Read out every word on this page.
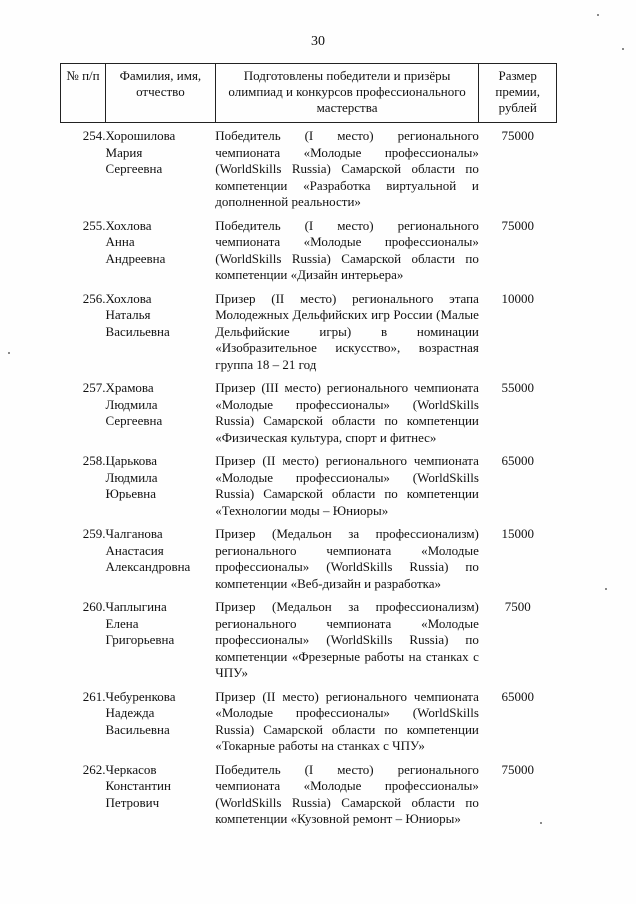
30
№ п/п	Фамилия, имя, отчество	Подготовлены победители и призёры олимпиад и конкурсов профессионального мастерства	Размер премии, рублей
254.	Хорошилова
Мария
Сергеевна	Победитель (I место) регионального чемпионата «Молодые профессионалы» (WorldSkills Russia) Самарской области по компетенции «Разработка виртуальной и дополненной реальности»	75000
255.	Хохлова
Анна
Андреевна	Победитель (I место) регионального чемпионата «Молодые профессионалы» (WorldSkills Russia) Самарской области по компетенции «Дизайн интерьера»	75000
256.	Хохлова
Наталья
Васильевна	Призер (II место) регионального этапа Молодежных Дельфийских игр России (Малые Дельфийские игры) в номинации «Изобразительное искусство», возрастная группа 18 – 21 год	10000
257.	Храмова
Людмила
Сергеевна	Призер (III место) регионального чемпионата «Молодые профессионалы» (WorldSkills Russia) Самарской области по компетенции «Физическая культура, спорт и фитнес»	55000
258.	Царькова
Людмила
Юрьевна	Призер (II место) регионального чемпионата «Молодые профессионалы» (WorldSkills Russia) Самарской области по компетенции «Технологии моды – Юниоры»	65000
259.	Чалганова
Анастасия
Александровна	Призер (Медальон за профессионализм) регионального чемпионата «Молодые профессионалы» (WorldSkills Russia) по компетенции «Веб-дизайн и разработка»	15000
260.	Чаплыгина
Елена
Григорьевна	Призер (Медальон за профессионализм) регионального чемпионата «Молодые профессионалы» (WorldSkills Russia) по компетенции «Фрезерные работы на станках с ЧПУ»	7500
261.	Чебуренкова
Надежда
Васильевна	Призер (II место) регионального чемпионата «Молодые профессионалы» (WorldSkills Russia) Самарской области по компетенции «Токарные работы на станках с ЧПУ»	65000
262.	Черкасов
Константин
Петрович	Победитель (I место) регионального чемпионата «Молодые профессионалы» (WorldSkills Russia) Самарской области по компетенции «Кузовной ремонт – Юниоры»	75000
